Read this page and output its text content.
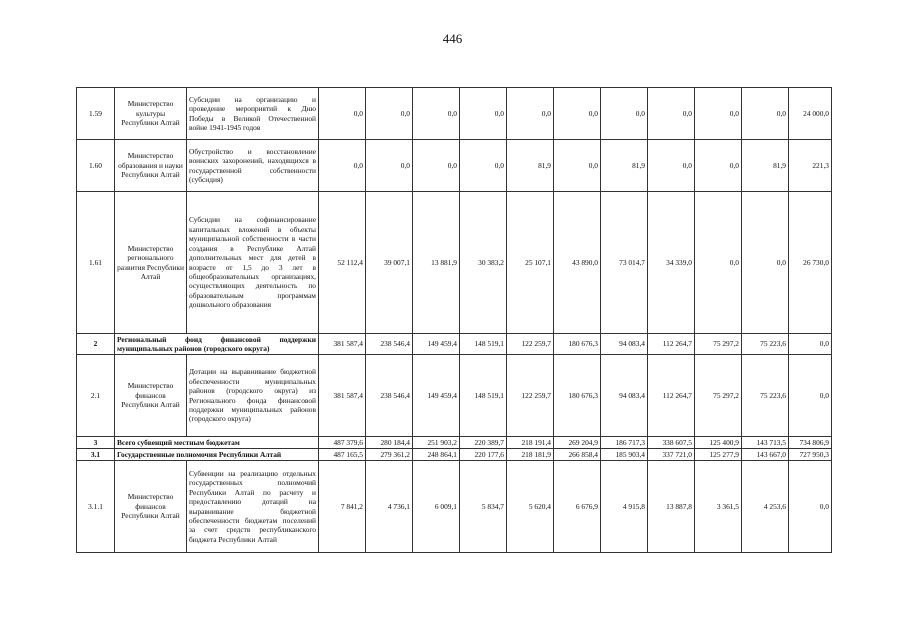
446
1.59	Министерство культуры Республики Алтай	Субсидии на организацию и проведение мероприятий к Дню Победы в Великой Отечественной войне 1941-1945 годов	0,0	0,0	0,0	0,0	0,0	0,0	0,0	0,0	0,0	0,0	24 000,0
1.60	Министерство образования и науки Республики Алтай	Обустройство и восстановление воинских захоронений, находящихся в государственной собственности (субсидия)	0,0	0,0	0,0	0,0	81,9	0,0	81,9	0,0	0,0	81,9	221,3
1.61	Министерство регионального развития Республики Алтай	Субсидии на софинансирование капитальных вложений в объекты муниципальной собственности в части создания в Республике Алтай дополнительных мест для детей в возрасте от 1,5 до 3 лет в общеобразовательных организациях, осуществляющих деятельность по образовательным программам дошкольного образования	52 112,4	39 007,1	13 881,9	30 383,2	25 107,1	43 890,0	73 014,7	34 339,0	0,0	0,0	26 730,0
2	Региональный фонд финансовой поддержки муниципальных районов (городского округа)		381 587,4	238 546,4	149 459,4	148 519,1	122 259,7	180 676,3	94 083,4	112 264,7	75 297,2	75 223,6	0,0
2.1	Министерство финансов Республики Алтай	Дотации на выравнивание бюджетной обеспеченности муниципальных районов (городского округа) из Регионального фонда финансовой поддержки муниципальных районов (городского округа)	381 587,4	238 546,4	149 459,4	148 519,1	122 259,7	180 676,3	94 083,4	112 264,7	75 297,2	75 223,6	0,0
3	Всего субвенций местным бюджетам		487 379,6	280 184,4	251 903,2	220 389,7	218 191,4	269 204,9	186 717,3	338 607,5	125 400,9	143 713,5	734 806,9
3.1	Государственные полномочия Республики Алтай		487 165,5	279 361,2	248 864,1	220 177,6	218 181,9	266 858,4	185 903,4	337 721,0	125 277,9	143 667,0	727 950,3
3.1.1	Министерство финансов Республики Алтай	Субвенции на реализацию отдельных государственных полномочий Республики Алтай по расчету и предоставлению дотаций на выравнивание бюджетной обеспеченности бюджетам поселений за счет средств республиканского бюджета Республики Алтай	7 841,2	4 736,1	6 009,1	5 834,7	5 620,4	6 676,9	4 915,8	13 887,8	3 361,5	4 253,6	0,0
